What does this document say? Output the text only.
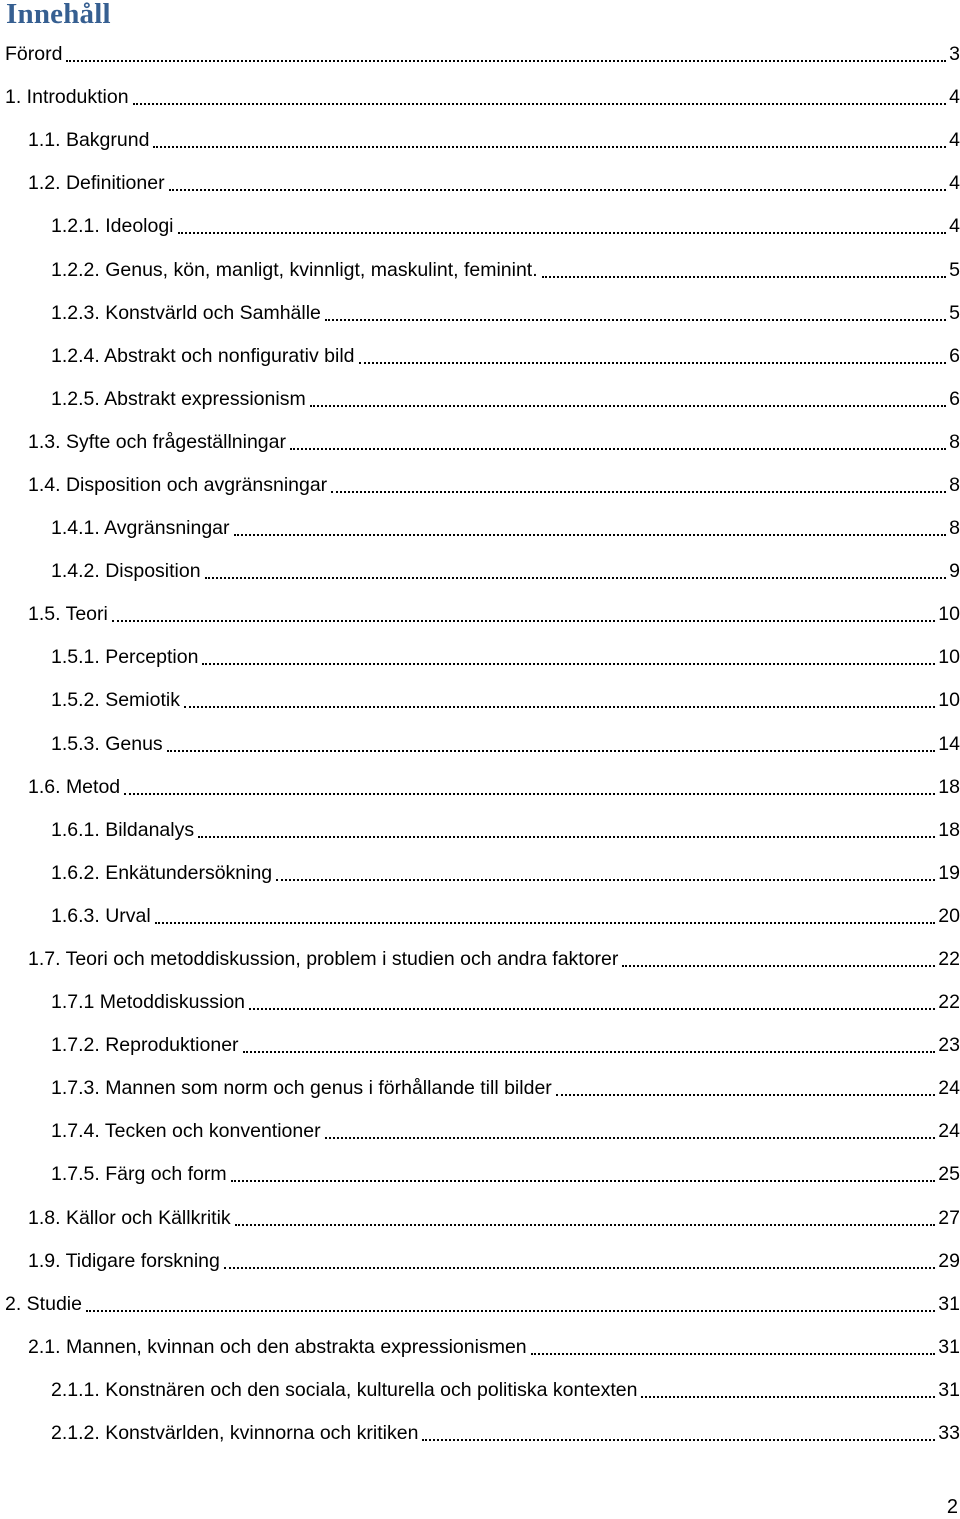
Innehåll
Förord	3
1. Introduktion	4
1.1. Bakgrund	4
1.2. Definitioner	4
1.2.1. Ideologi	4
1.2.2. Genus, kön, manligt, kvinnligt, maskulint, feminint.	5
1.2.3. Konstvärld och Samhälle	5
1.2.4. Abstrakt och nonfigurativ bild	6
1.2.5. Abstrakt expressionism	6
1.3. Syfte och frågeställningar	8
1.4. Disposition och avgränsningar	8
1.4.1. Avgränsningar	8
1.4.2. Disposition	9
1.5. Teori	10
1.5.1. Perception	10
1.5.2. Semiotik	10
1.5.3. Genus	14
1.6. Metod	18
1.6.1. Bildanalys	18
1.6.2. Enkätundersökning	19
1.6.3. Urval	20
1.7. Teori och metoddiskussion, problem i studien och andra faktorer	22
1.7.1 Metoddiskussion	22
1.7.2. Reproduktioner	23
1.7.3. Mannen som norm och genus i förhållande till bilder	24
1.7.4. Tecken och konventioner	24
1.7.5. Färg och form	25
1.8. Källor och Källkritik	27
1.9. Tidigare forskning	29
2. Studie	31
2.1. Mannen, kvinnan och den abstrakta expressionismen	31
2.1.1. Konstnären och den sociala, kulturella och politiska kontexten	31
2.1.2. Konstvärlden, kvinnorna och kritiken	33

2
